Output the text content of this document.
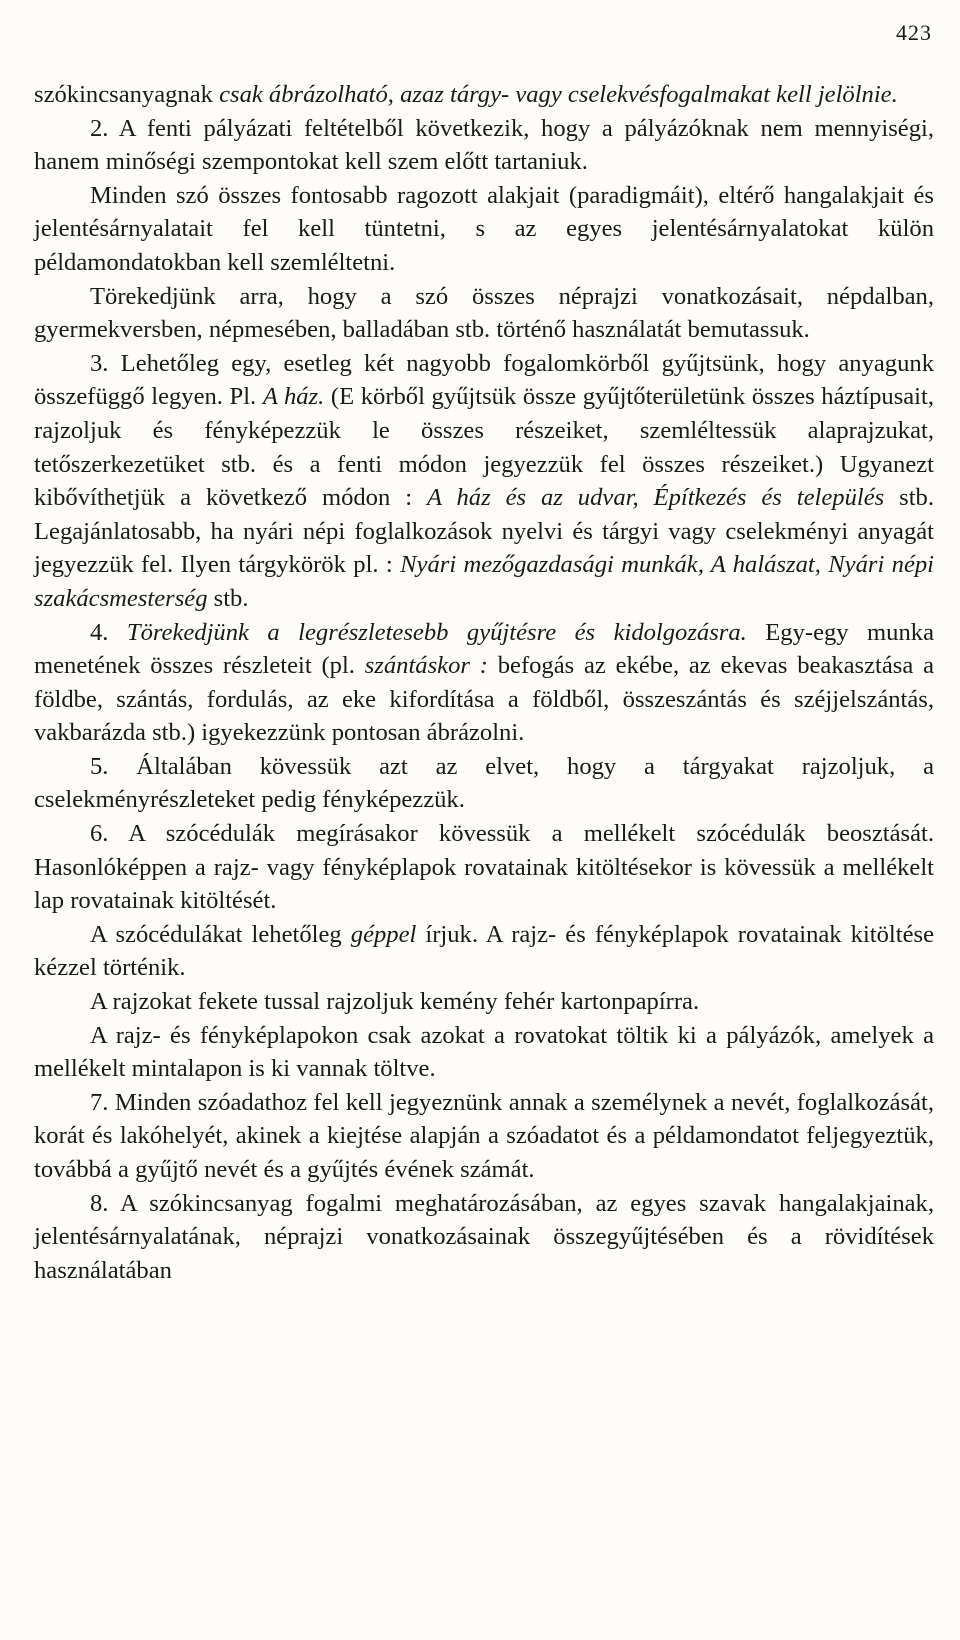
423

szókincsanyagnak csak ábrázolható, azaz tárgy- vagy cselekvésfogalmakat kell jelölnie.

2. A fenti pályázati feltételből következik, hogy a pályázóknak nem mennyiségi, hanem minőségi szempontokat kell szem előtt tartaniuk.

Minden szó összes fontosabb ragozott alakjait (paradigmáit), eltérő hangalakjait és jelentésárnyalatait fel kell tüntetni, s az egyes jelentésárnyalatokat külön példamondatokban kell szemléltetni.

Törekedjünk arra, hogy a szó összes néprajzi vonatkozásait, népdalban, gyermekversben, népmesében, balladában stb. történő használatát bemutassuk.

3. Lehetőleg egy, esetleg két nagyobb fogalomkörből gyűjtsünk, hogy anyagunk összefüggő legyen. Pl. A ház. (E körből gyűjtsük össze gyűjtőterületünk összes háztípusait, rajzoljuk és fényképezzük le összes részeiket, szemléltessük alaprajzukat, tetőszerkezetüket stb. és a fenti módon jegyezzük fel összes részeiket.) Ugyanezt kibővíthetjük a következő módon : A ház és az udvar, Építkezés és település stb. Legajánlatosabb, ha nyári népi foglalkozások nyelvi és tárgyi vagy cselekményi anyagát jegyezzük fel. Ilyen tárgykörök pl. : Nyári mezőgazdasági munkák, A halászat, Nyári népi szakácsmesterség stb.

4. Törekedjünk a legrészletesebb gyűjtésre és kidolgozásra. Egy-egy munka menetének összes részleteit (pl. szántáskor : befogás az ekébe, az ekevas beakasztása a földbe, szántás, fordulás, az eke kifordítása a földből, összeszántás és széjjelszántás, vakbarázda stb.) igyekezzünk pontosan ábrázolni.

5. Általában kövessük azt az elvet, hogy a tárgyakat rajzoljuk, a cselekményrészleteket pedig fényképezzük.

6. A szócédulák megírásakor kövessük a mellékelt szócédulák beosztását. Hasonlóképpen a rajz- vagy fényképlapok rovatainak kitöltésekor is kövessük a mellékelt lap rovatainak kitöltését.

A szócédulákat lehetőleg géppel írjuk. A rajz- és fényképlapok rovatainak kitöltése kézzel történik.

A rajzokat fekete tussal rajzoljuk kemény fehér kartonpapírra.

A rajz- és fényképlapokon csak azokat a rovatokat töltik ki a pályázók, amelyek a mellékelt mintalapon is ki vannak töltve.

7. Minden szóadathoz fel kell jegyeznünk annak a személynek a nevét, foglalkozását, korát és lakóhelyét, akinek a kiejtése alapján a szóadatot és a példamondatot feljegyeztük, továbbá a gyűjtő nevét és a gyűjtés évének számát.

8. A szókincsanyag fogalmi meghatározásában, az egyes szavak hangalakjainak, jelentésárnyalatának, néprajzi vonatkozásainak összegyűjtésében és a rövidítések használatában
